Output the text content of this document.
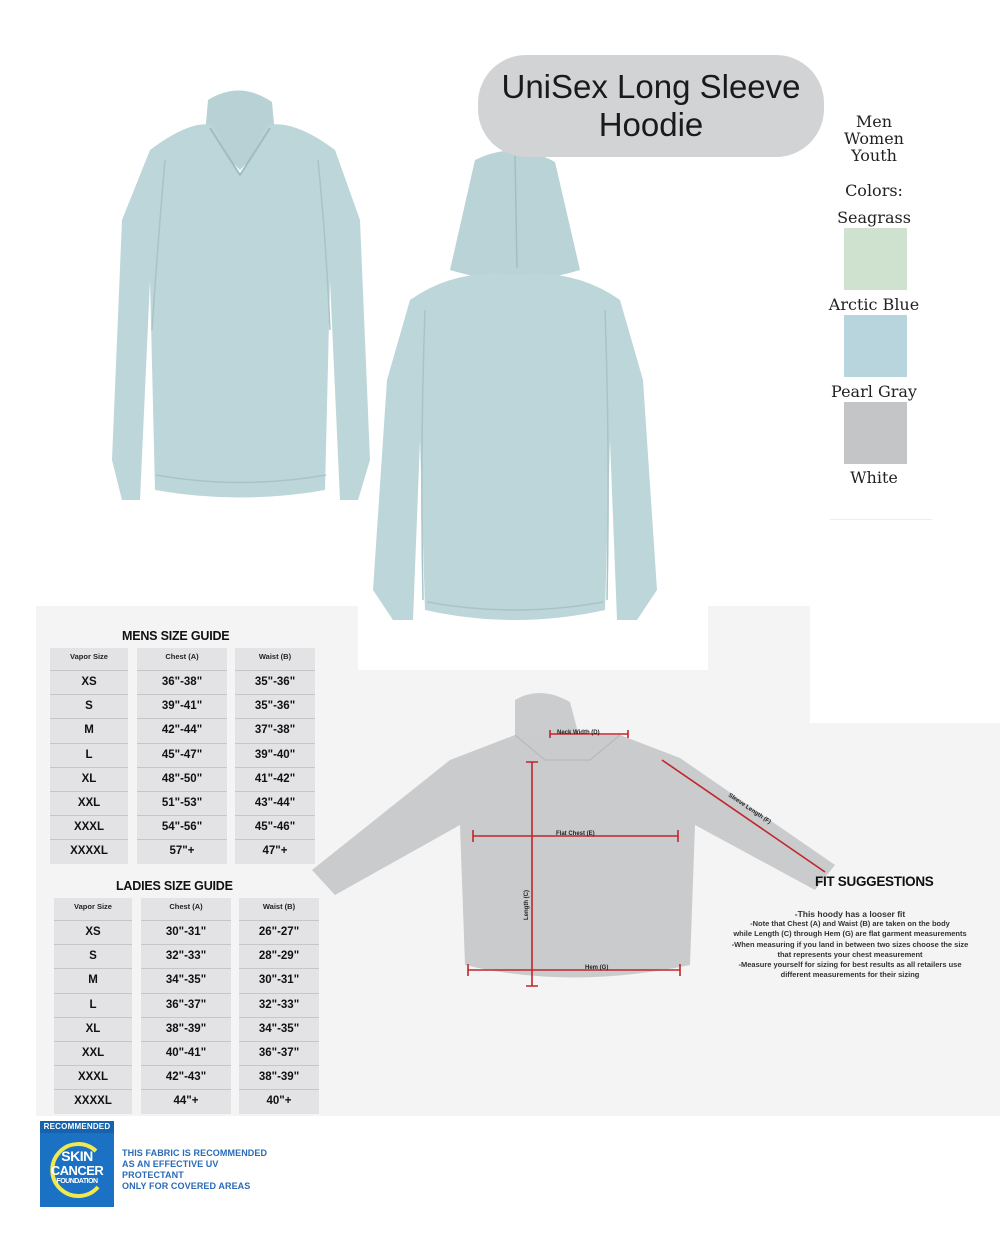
UniSex Long Sleeve
Hoodie	Men
Women
Youth
Colors:
Seagrass
Arctic Blue
Pearl Gray
White
MENS SIZE GUIDE
Vapor Size	Chest (A)	Waist (B)
XS	36"-38"	35"-36"
S	39"-41"	35"-36"
M	42"-44"	37"-38"
L	45"-47"	39"-40"
XL	48"-50"	41"-42"
XXL	51"-53"	43"-44"
XXXL	54"-56"	45"-46"
XXXXL	57"+	47"+
LADIES SIZE GUIDE
Vapor Size	Chest (A)	Waist (B)
XS	30"-31"	26"-27"
S	32"-33"	28"-29"
M	34"-35"	30"-31"
L	36"-37"	32"-33"
XL	38"-39"	34"-35"
XXL	40"-41"	36"-37"
XXXL	42"-43"	38"-39"
XXXXL	44"+	40"+
Neck Width (D)
Flat Chest (E)
Length (C)
Hem (G)
Sleeve Length (F)
FIT SUGGESTIONS
-This hoody has a looser fit
-Note that Chest (A) and Waist (B) are taken on the body
while Length (C) through Hem (G) are flat garment measurements
-When measuring if you land in between two sizes choose the size
that represents your chest measurement
-Measure yourself for sizing for best results as all retailers use
different measurements for their sizing
RECOMMENDED
SKIN
CANCER
FOUNDATION
THIS FABRIC IS RECOMMENDED
AS AN EFFECTIVE UV PROTECTANT
ONLY FOR COVERED AREAS
